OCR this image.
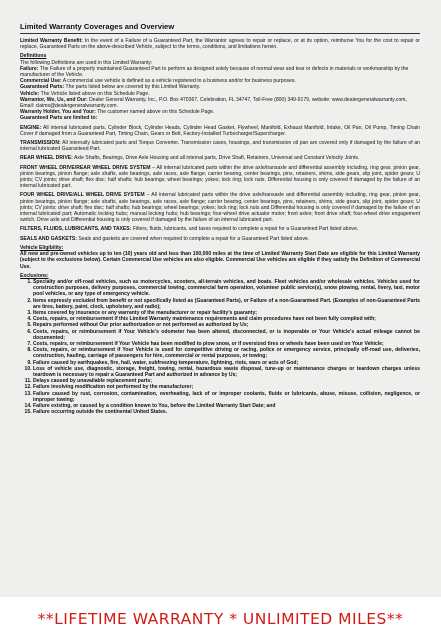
Limited Warranty Coverages and Overview

Limited Warranty Benefit: In the event of a Failure of a Guaranteed Part, the Warrantor agrees to repair or replace, or at its option, reimburse You for the cost to repair or replace, Guaranteed Parts on the above-described Vehicle, subject to the terms, conditions, and limitations herein.

Definitions
The following Definitions are used in this Limited Warranty:
Failure: The Failure of a properly maintained Guaranteed Part to perform as designed solely because of normal wear and tear or defects in materials or workmanship by the manufacturer of the Vehicle.
Commercial Use: A commercial use vehicle is defined as a vehicle registered to a business and/or for business purposes.
Guaranteed Parts: The parts listed below are covered by this Limited Warranty.
Vehicle: The Vehicle listed above on this Schedule Page.
Warrantor, We, Us, and Our: Dealer General Warranty, Inc., P.O. Box 470367, Celebration, FL 34747, Toll-Free (800) 349-9179, website: www.dealergeneralwarranty.com, Email: claims@dealergeneralwarranty.com.
Warranty Holder, You and Your: The customer named above on this Schedule Page.
Guaranteed Parts are limited to:

ENGINE: All internal lubricated parts, Cylinder Block, Cylinder Heads, Cylinder Head Gasket, Flywheel, Manifold, Exhaust Manifold, Intake, Oil Pan, Oil Pump, Timing Chain Cover if damaged from a Guaranteed Part, Timing Chain, Gears or Belt, Factory-Installed Turbocharger/Supercharger.

TRANSMISSION: All internally lubricated parts and Torque Converter. Transmission cases, housings, and transmission oil pan are covered only if damaged by the failure of an internal lubricated Guaranteed Part.

REAR WHEEL DRIVE: Axle Shafts, Bearings, Drive Axle Housing and all internal parts, Drive Shaft, Retainers, Universal and Constant Velocity Joints.

FRONT WHEEL DRIVE/REAR WHEEL DRIVE SYSTEM – All internal lubricated parts within the drive axle/transaxle and differential assembly including, ring gear, pinion gear, pinion bearings, pinion flange; axle shafts, axle bearings, axle races, axle flange; carrier bearing, center bearings, pins, retainers, shims, side gears, slip joint, spider gears; U joints; CV joints; drive shaft; flex disc; half shafts; hub bearings; wheel bearings; yokes; lock ring; lock nuts. Differential housing is only covered if damaged by the failure of an internal lubricated part.

FOUR WHEEL DRIVE/ALL WHEEL DRIVE SYSTEM – All internal lubricated parts within the drive axle/transaxle and differential assembly including, ring gear, pinion gear, pinion bearings, pinion flange; axle shafts, axle bearings, axle races, axle flange; carrier bearing, center bearings, pins, retainers, shims, side gears, slip joint, spider gears; U joints; CV joints; drive shaft; flex disc; half shafts; hub bearings; wheel bearings; yokes; lock ring; lock nuts and Differential housing is only covered if damaged by the failure of an internal lubricated part; Automatic locking hubs; manual locking hubs; hub bearings; four-wheel drive actuator motor; front axles; front drive shaft; four-wheel drive engagement switch. Drive axle and Differential housing is only covered if damaged by the failure of an internal lubricated part.

FILTERS, FLUIDS, LUBRICANTS, AND TAXES: Filters, fluids, lubricants, and taxes required to complete a repair for a Guaranteed Part listed above.

SEALS AND GASKETS: Seals and gaskets are covered when required to complete a repair for a Guaranteed Part listed above.

Vehicle Eligibility:

All new and pre-owned vehicles up to ten (10) years old and less than 100,000 miles at the time of Limited Warranty Start Date are eligible for this Limited Warranty (subject to the exclusions below). Certain Commercial Use vehicles are also eligible. Commercial Use vehicles are eligible if they satisfy the Definition of Commercial Use.

Exclusions:
1. Specialty and/or off-road vehicles, such as motorcycles, scooters, all-terrain vehicles, and boats. Fleet vehicles and/or wholesale vehicles. Vehicles used for construction purposes, delivery purposes, commercial towing, commercial farm operation, volunteer public service(s), snow plowing, rental, livery, taxi, motor pool vehicles, or any type of emergency vehicle.
2. Items expressly excluded from benefit or not specifically listed as (Guaranteed Parts), or Failure of a non-Guaranteed Part. (Examples of non-Guaranteed Parts are tires, battery, paint, clock, upholstery, and radio);
3. Items covered by insurance or any warranty of the manufacturer or repair facility's guaranty;
4. Costs, repairs, or reimbursement if this Limited Warranty maintenance requirements and claim procedures have not been fully complied with;
5. Repairs performed without Our prior authorization or not performed as authorized by Us;
6. Costs, repairs, or reimbursement if Your Vehicle's odometer has been altered, disconnected, or is inoperable or Your Vehicle's actual mileage cannot be documented;
7. Costs, repairs, or reimbursement if Your Vehicle has been modified to plow snow, or if oversized tires or wheels have been used on Your Vehicle;
8. Costs, repairs, or reimbursement if Your Vehicle is used for competitive driving or racing, police or emergency service, principally off-road use, deliveries, construction, hauling, carriage of passengers for hire, commercial or rental purposes, or towing;
9. Failure caused by earthquakes, fire, hail, water, subfreezing temperature, lightning, riots, wars or acts of God;
10. Loss of vehicle use, diagnostic, storage, freight, towing, rental, hazardous waste disposal, tune-up or maintenance charges or teardown charges unless teardown is necessary to repair a Guaranteed Part and authorized in advance by Us;
11. Delays caused by unavailable replacement parts;
12. Failure involving modification not performed by the manufacturer;
13. Failure caused by rust, corrosion, contamination, overheating, lack of or improper coolants, fluids or lubricants, abuse, misuse, collision, negligence, or improper towing;
14. Failure existing, or caused by a condition known to You, before the Limited Warranty Start Date; and
15. Failure occurring outside the continental United States.
**LIFETIME WARRANTY * UNLIMITED MILES**
